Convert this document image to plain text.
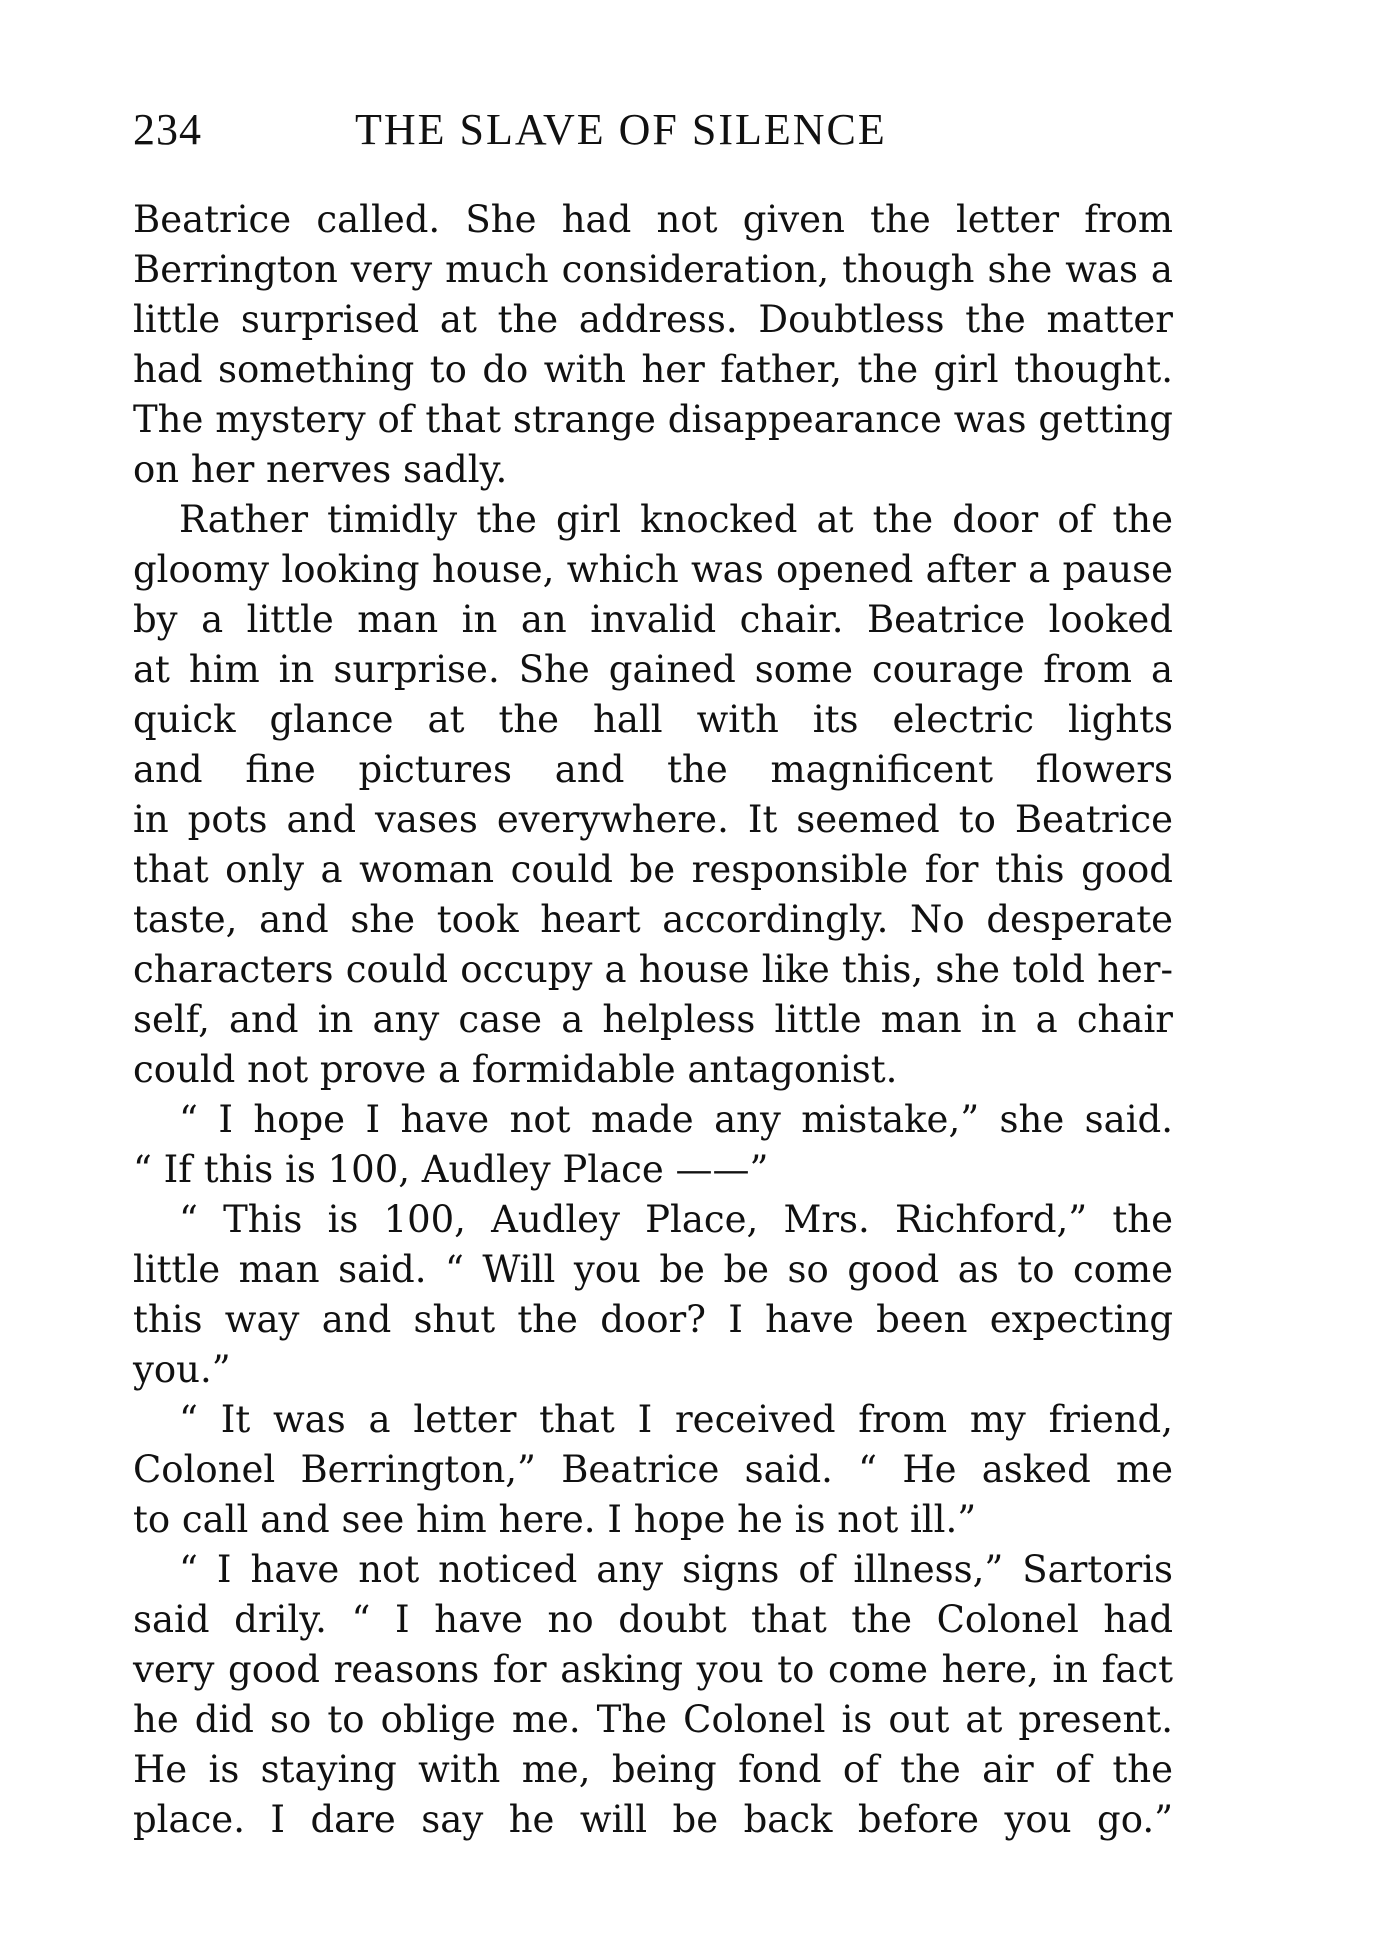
234	THE SLAVE OF SILENCE
Beatrice called. She had not given the letter from
Berrington very much consideration, though she was a
little surprised at the address. Doubtless the matter
had something to do with her father, the girl thought.
The mystery of that strange disappearance was getting
on her nerves sadly.
Rather timidly the girl knocked at the door of the
gloomy looking house, which was opened after a pause
by a little man in an invalid chair. Beatrice looked
at him in surprise. She gained some courage from a
quick glance at the hall with its electric lights
and fine pictures and the magnificent flowers
in pots and vases everywhere. It seemed to Beatrice
that only a woman could be responsible for this good
taste, and she took heart accordingly. No desperate
characters could occupy a house like this, she told her-
self, and in any case a helpless little man in a chair
could not prove a formidable antagonist.
“ I hope I have not made any mistake,” she said.
“ If this is 100, Audley Place ——”
“ This is 100, Audley Place, Mrs. Richford,” the
little man said. “ Will you be be so good as to come
this way and shut the door? I have been expecting
you.”
“ It was a letter that I received from my friend,
Colonel Berrington,” Beatrice said. “ He asked me
to call and see him here. I hope he is not ill.”
“ I have not noticed any signs of illness,” Sartoris
said drily. “ I have no doubt that the Colonel had
very good reasons for asking you to come here, in fact
he did so to oblige me. The Colonel is out at present.
He is staying with me, being fond of the air of the
place. I dare say he will be back before you go.”
